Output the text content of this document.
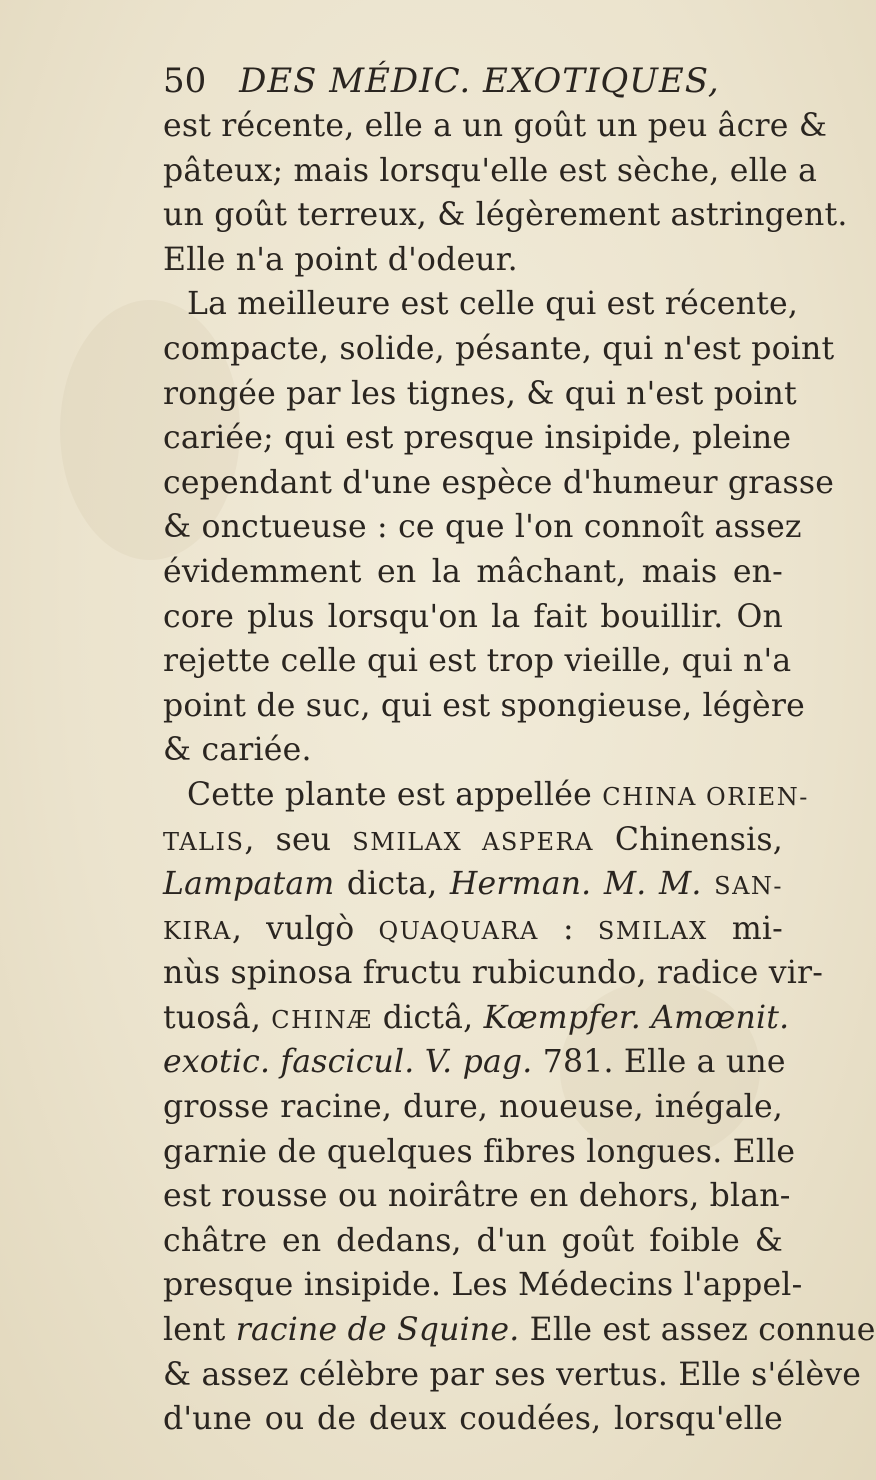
50 DES MÉDIC. EXOTIQUES,
est récente, elle a un goût un peu âcre &
pâteux; mais lorsqu'elle est sèche, elle a
un goût terreux, & légèrement astringent.
Elle n'a point d'odeur.
La meilleure est celle qui est récente,
compacte, solide, pésante, qui n'est point
rongée par les tignes, & qui n'est point
cariée; qui est presque insipide, pleine
cependant d'une espèce d'humeur grasse
& onctueuse : ce que l'on connoît assez
évidemment en la mâchant, mais en-
core plus lorsqu'on la fait bouillir. On
rejette celle qui est trop vieille, qui n'a
point de suc, qui est spongieuse, légère
& cariée.
Cette plante est appellée CHINA ORIEN-
TALIS, seu SMILAX ASPERA Chinensis,
Lampatam dicta, Herman. M. M. SAN-
KIRA, vulgò QUAQUARA : SMILAX mi-
nùs spinosa fructu rubicundo, radice vir-
tuosâ, CHINÆ dictâ, Kœmpfer. Amœnit.
exotic. fascicul. V. pag. 781. Elle a une
grosse racine, dure, noueuse, inégale,
garnie de quelques fibres longues. Elle
est rousse ou noirâtre en dehors, blan-
châtre en dedans, d'un goût foible &
presque insipide. Les Médecins l'appel-
lent racine de Squine. Elle est assez connue
& assez célèbre par ses vertus. Elle s'élève
d'une ou de deux coudées, lorsqu'elle
